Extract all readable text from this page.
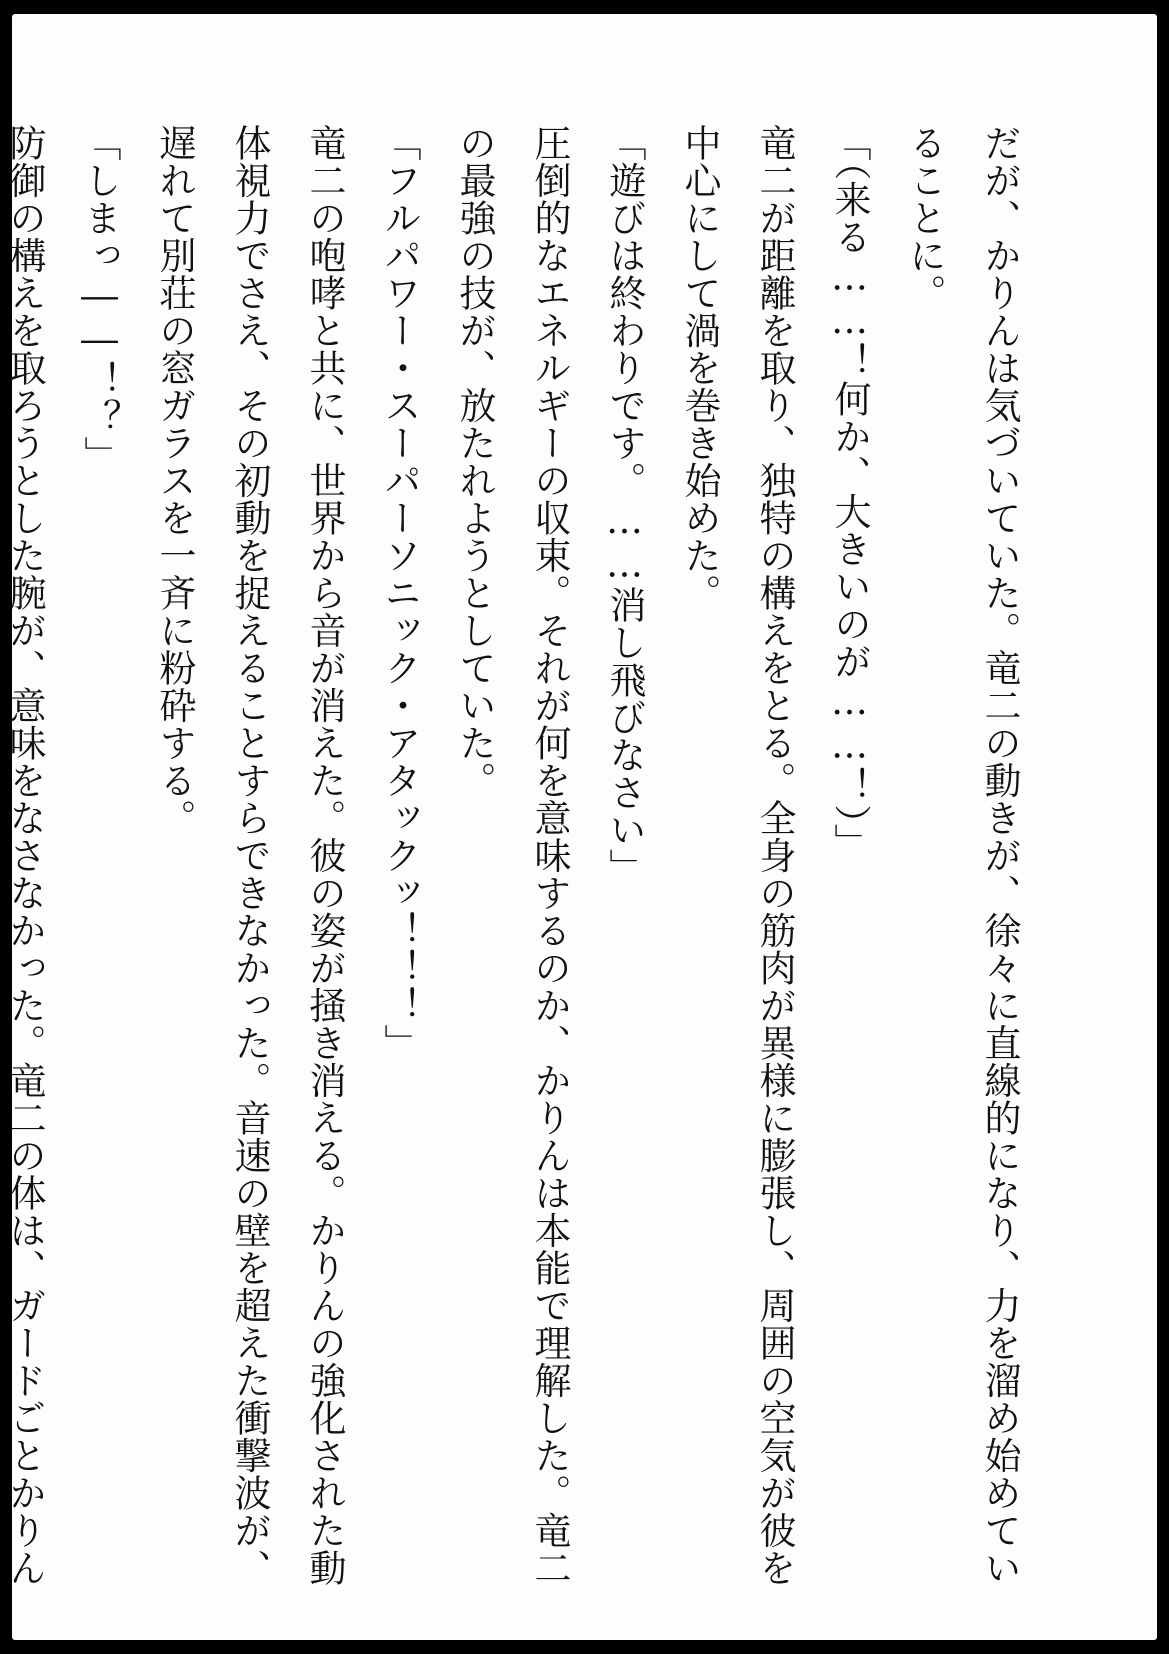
だが、かりんは気づいていた。竜二の動きが、徐々に直線的になり、力を溜め始めていることに。

「（来る……！何か、大きいのが……！）」

竜二が距離を取り、独特の構えをとる。全身の筋肉が異様に膨張し、周囲の空気が彼を中心にして渦を巻き始めた。

「遊びは終わりです。……消し飛びなさい」

圧倒的なエネルギーの収束。それが何を意味するのか、かりんは本能で理解した。竜二の最強の技が、放たれようとしていた。

「フルパワー・スーパーソニック・アタックッ！！！」

竜二の咆哮と共に、世界から音が消えた。彼の姿が掻き消える。かりんの強化された動体視力でさえ、その初動を捉えることすらできなかった。音速の壁を超えた衝撃波が、遅れて別荘の窓ガラスを一斉に粉砕する。

「しまっ――！？」

防御の構えを取ろうとした腕が、意味をなさなかった。竜二の体は、ガードごとかりん
